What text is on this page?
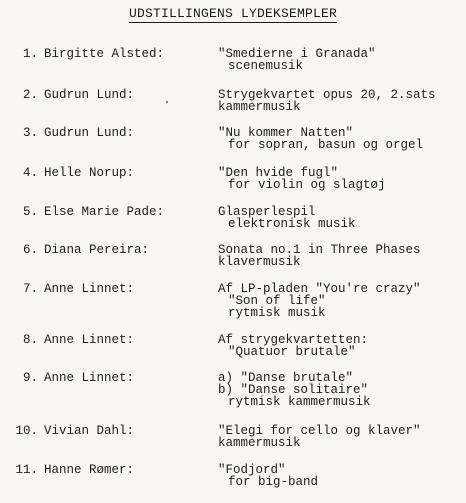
UDSTILLINGENS LYDEKSEMPLER
1. Birgitte Alsted:	"Smedierne i Granada"
scenemusik
2. Gudrun Lund:	Strygekvartet opus 20, 2.sats
kammermusik
3. Gudrun Lund:	"Nu kommer Natten"
for sopran, basun og orgel
4. Helle Norup:	"Den hvide fugl"
for violin og slagtøj
5. Else Marie Pade:	Glasperlespil
elektronisk musik
6. Diana Pereira:	Sonata no.1 in Three Phases
klavermusik
7. Anne Linnet:	Af LP-pladen "You're crazy"
"Son of life"
rytmisk musik
8. Anne Linnet:	Af strygekvartetten:
"Quatuor brutale"
9. Anne Linnet:	a) "Danse brutale"
b) "Danse solitaire"
rytmisk kammermusik
10. Vivian Dahl:	"Elegi for cello og klaver"
kammermusik
11. Hanne Rømer:	"Fodjord"
for big-band
